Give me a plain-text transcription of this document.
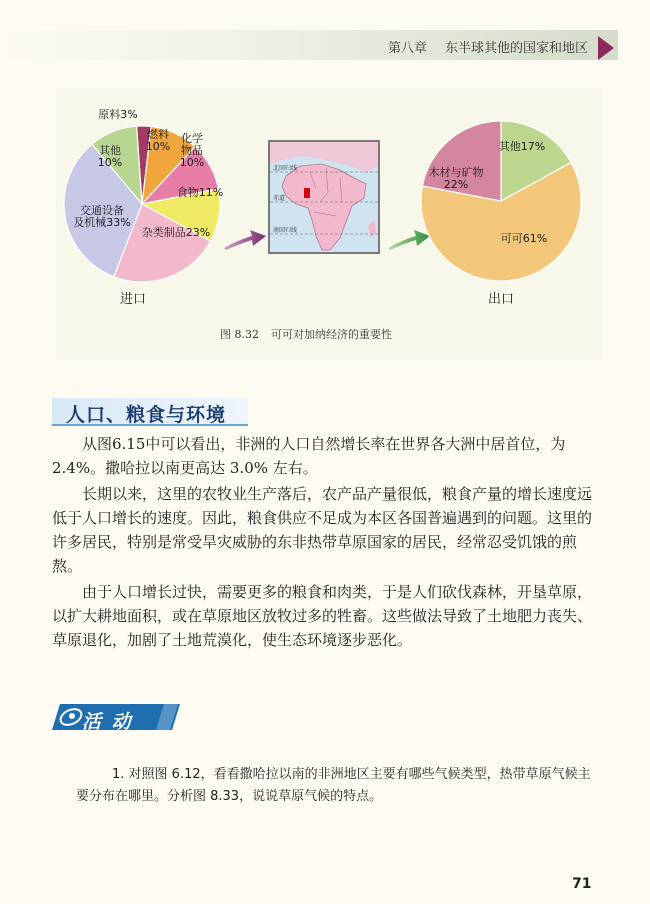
第八章 东半球其他的国家和地区
原料3%
燃料 10%
化学物品 10%
食物11%
杂类制品23%
交通设备及机械33%
其他 10%
进口
北回归线
赤道
南回归线
其他17%
可可61%
木材与矿物 22%
出口
图 8.32 可可对加纳经济的重要性
人口、粮食与环境

从图6.15中可以看出，非洲的人口自然增长率在世界各大洲中居首位，为2.4%。撒哈拉以南更高达 3.0% 左右。

长期以来，这里的农牧业生产落后，农产品产量很低，粮食产量的增长速度远低于人口增长的速度。因此，粮食供应不足成为本区各国普遍遇到的问题。这里的许多居民，特别是常受旱灾威胁的东非热带草原国家的居民，经常忍受饥饿的煎熬。

由于人口增长过快，需要更多的粮食和肉类，于是人们砍伐森林，开垦草原，以扩大耕地面积，或在草原地区放牧过多的牲畜。这些做法导致了土地肥力丧失、草原退化，加剧了土地荒漠化，使生态环境逐步恶化。

活 动

1. 对照图 6.12，看看撒哈拉以南的非洲地区主要有哪些气候类型，热带草原气候主要分布在哪里。分析图 8.33，说说草原气候的特点。

71
